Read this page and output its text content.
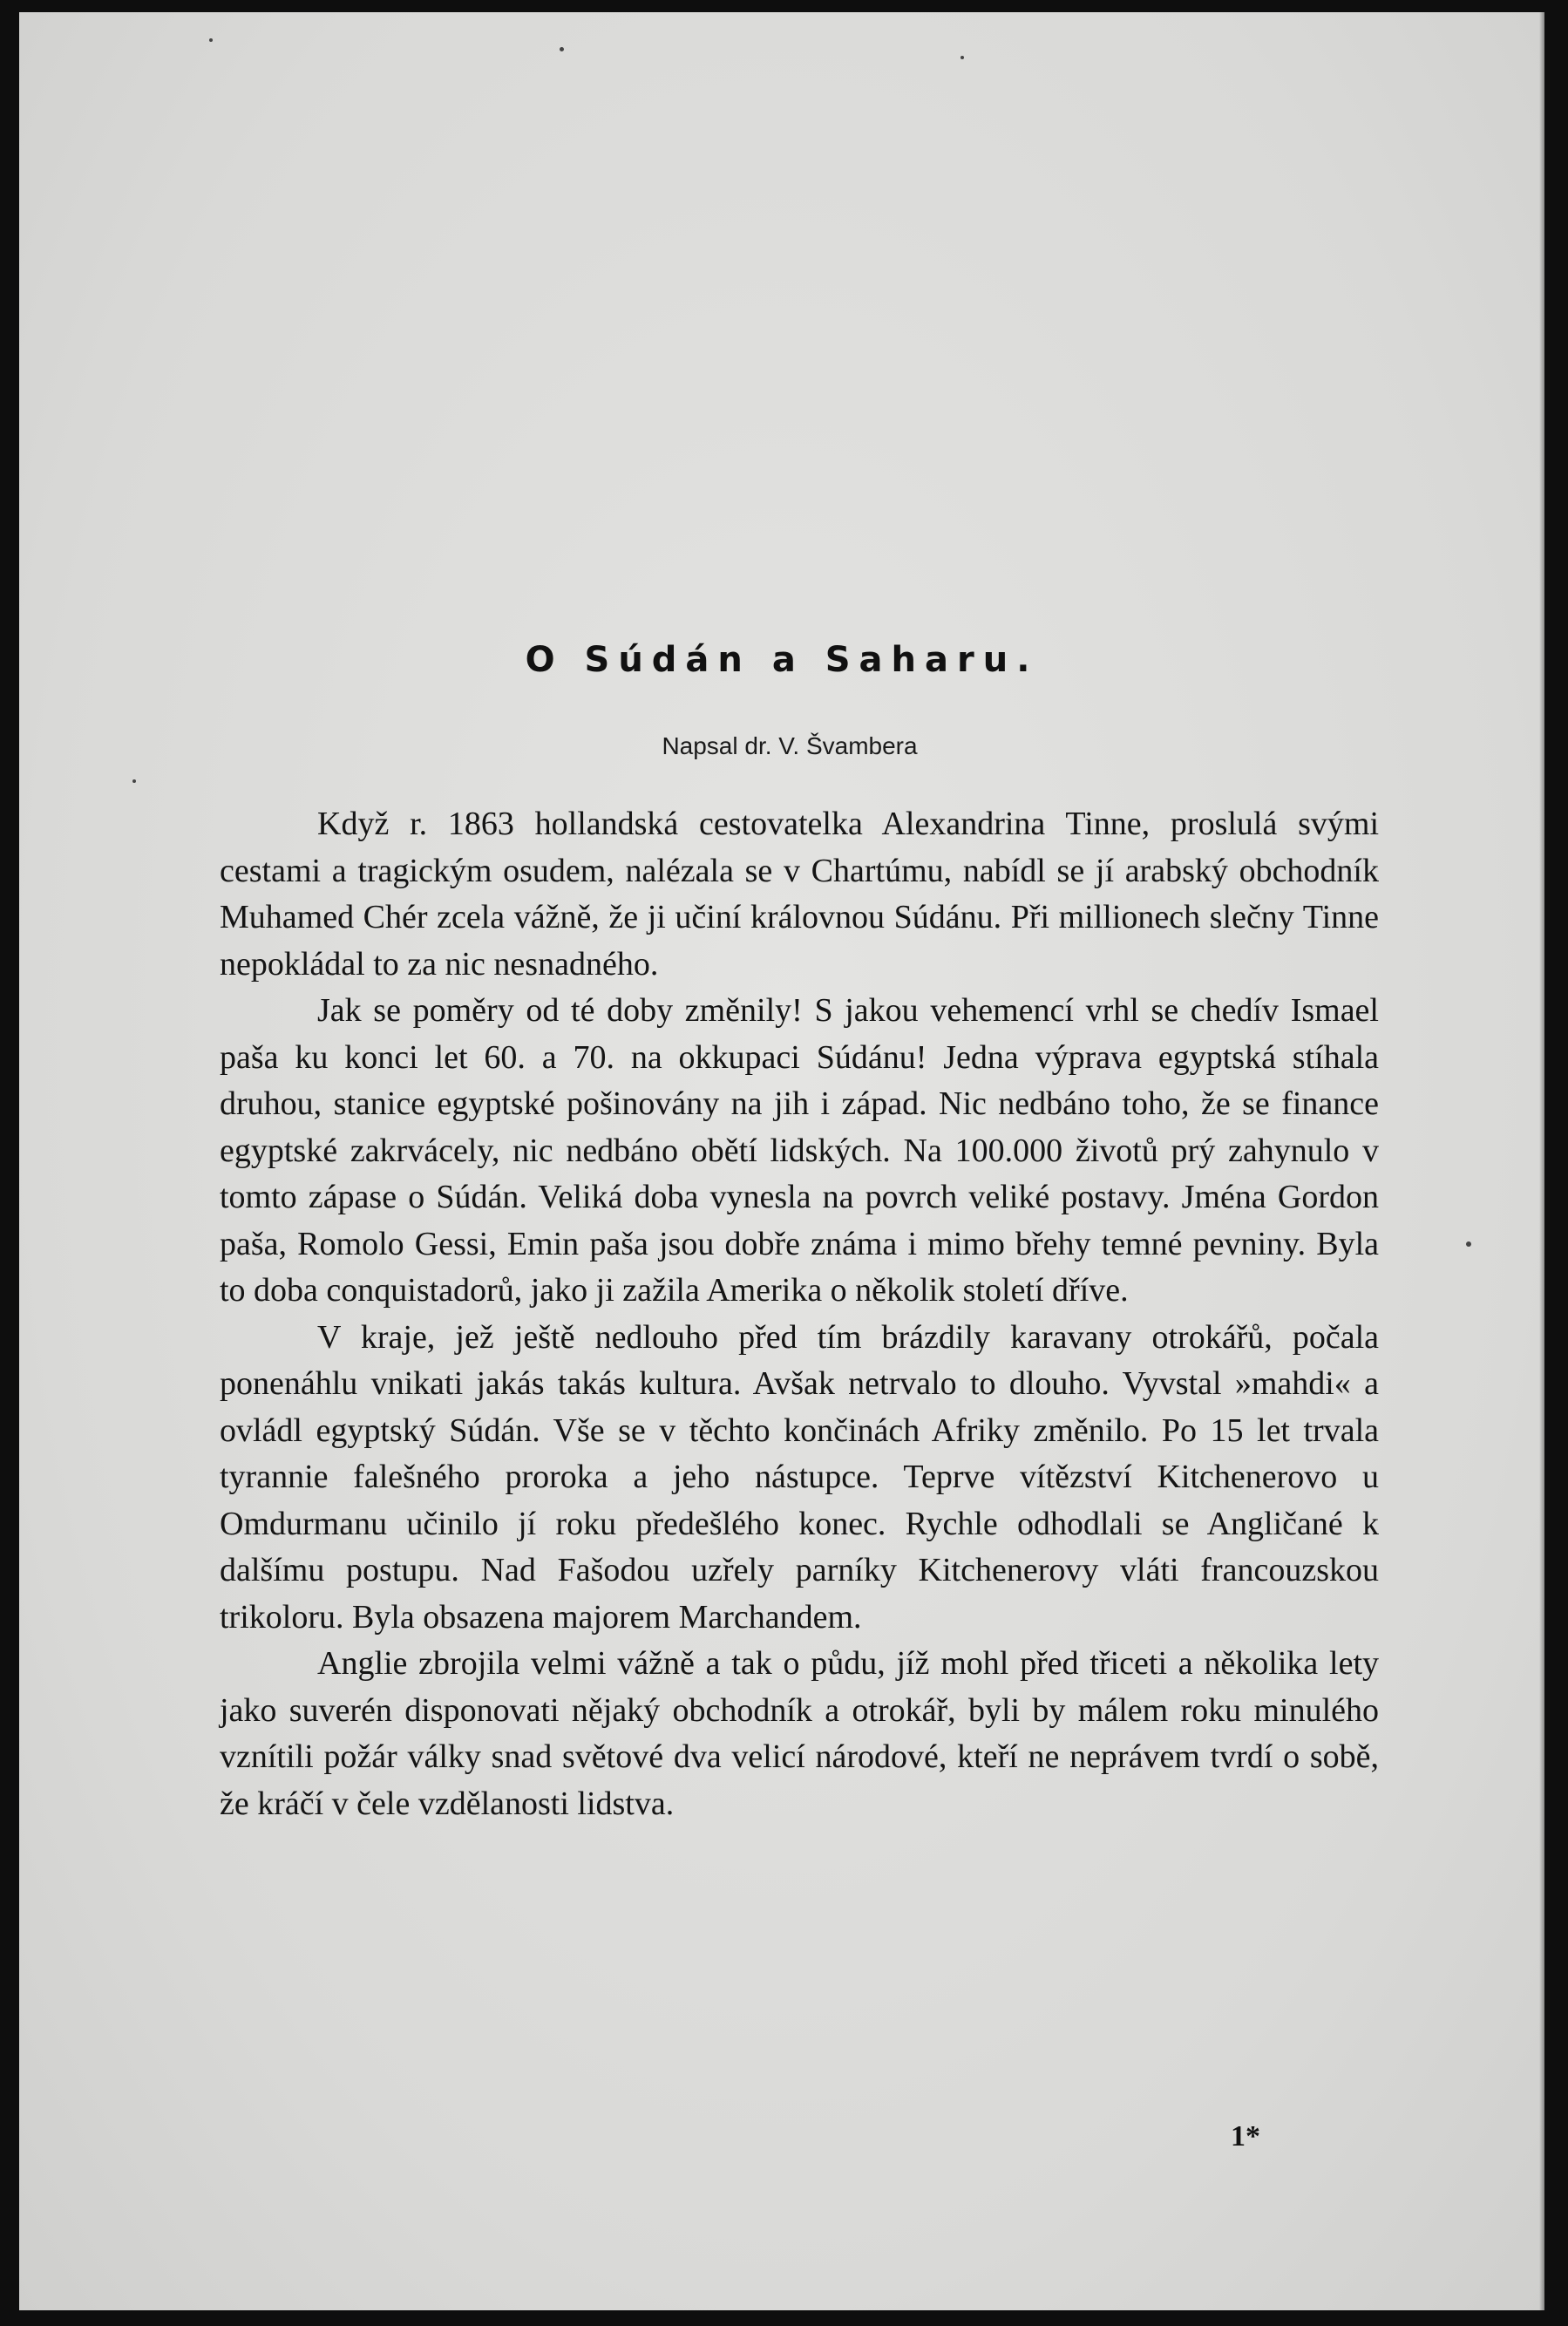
O Súdán a Saharu.
Napsal dr. V. Švambera

Když r. 1863 hollandská cestovatelka Alexandrina Tinne, proslulá svými cestami a tragickým osudem, nalézala se v Chartúmu, nabídl se jí arabský obchodník Muhamed Chér zcela vážně, že ji učiní královnou Súdánu. Při millionech slečny Tinne nepokládal to za nic nesnadného.

Jak se poměry od té doby změnily! S jakou vehemencí vrhl se chedív Ismael paša ku konci let 60. a 70. na okkupaci Súdánu! Jedna výprava egyptská stíhala druhou, stanice egyptské pošinovány na jih i západ. Nic nedbáno toho, že se finance egyptské zakrvácely, nic nedbáno obětí lidských. Na 100.000 životů prý zahynulo v tomto zápase o Súdán. Veliká doba vynesla na povrch veliké postavy. Jména Gordon paša, Romolo Gessi, Emin paša jsou dobře známa i mimo břehy temné pevniny. Byla to doba conquistadorů, jako ji zažila Amerika o několik století dříve.

V kraje, jež ještě nedlouho před tím brázdily karavany otrokářů, počala ponenáhlu vnikati jakás takás kultura. Avšak netrvalo to dlouho. Vyvstal »mahdi« a ovládl egyptský Súdán. Vše se v těchto končinách Afriky změnilo. Po 15 let trvala tyrannie falešného proroka a jeho nástupce. Teprve vítězství Kitchenerovo u Omdurmanu učinilo jí roku předešlého konec. Rychle odhodlali se Angličané k dalšímu postupu. Nad Fašodou uzřely parníky Kitchenerovy vláti francouzskou trikoloru. Byla obsazena majorem Marchandem.

Anglie zbrojila velmi vážně a tak o půdu, jíž mohl před třiceti a několika lety jako suverén disponovati nějaký obchodník a otrokář, byli by málem roku minulého vznítili požár války snad světové dva velicí národové, kteří ne neprávem tvrdí o sobě, že kráčí v čele vzdělanosti lidstva.

1*
